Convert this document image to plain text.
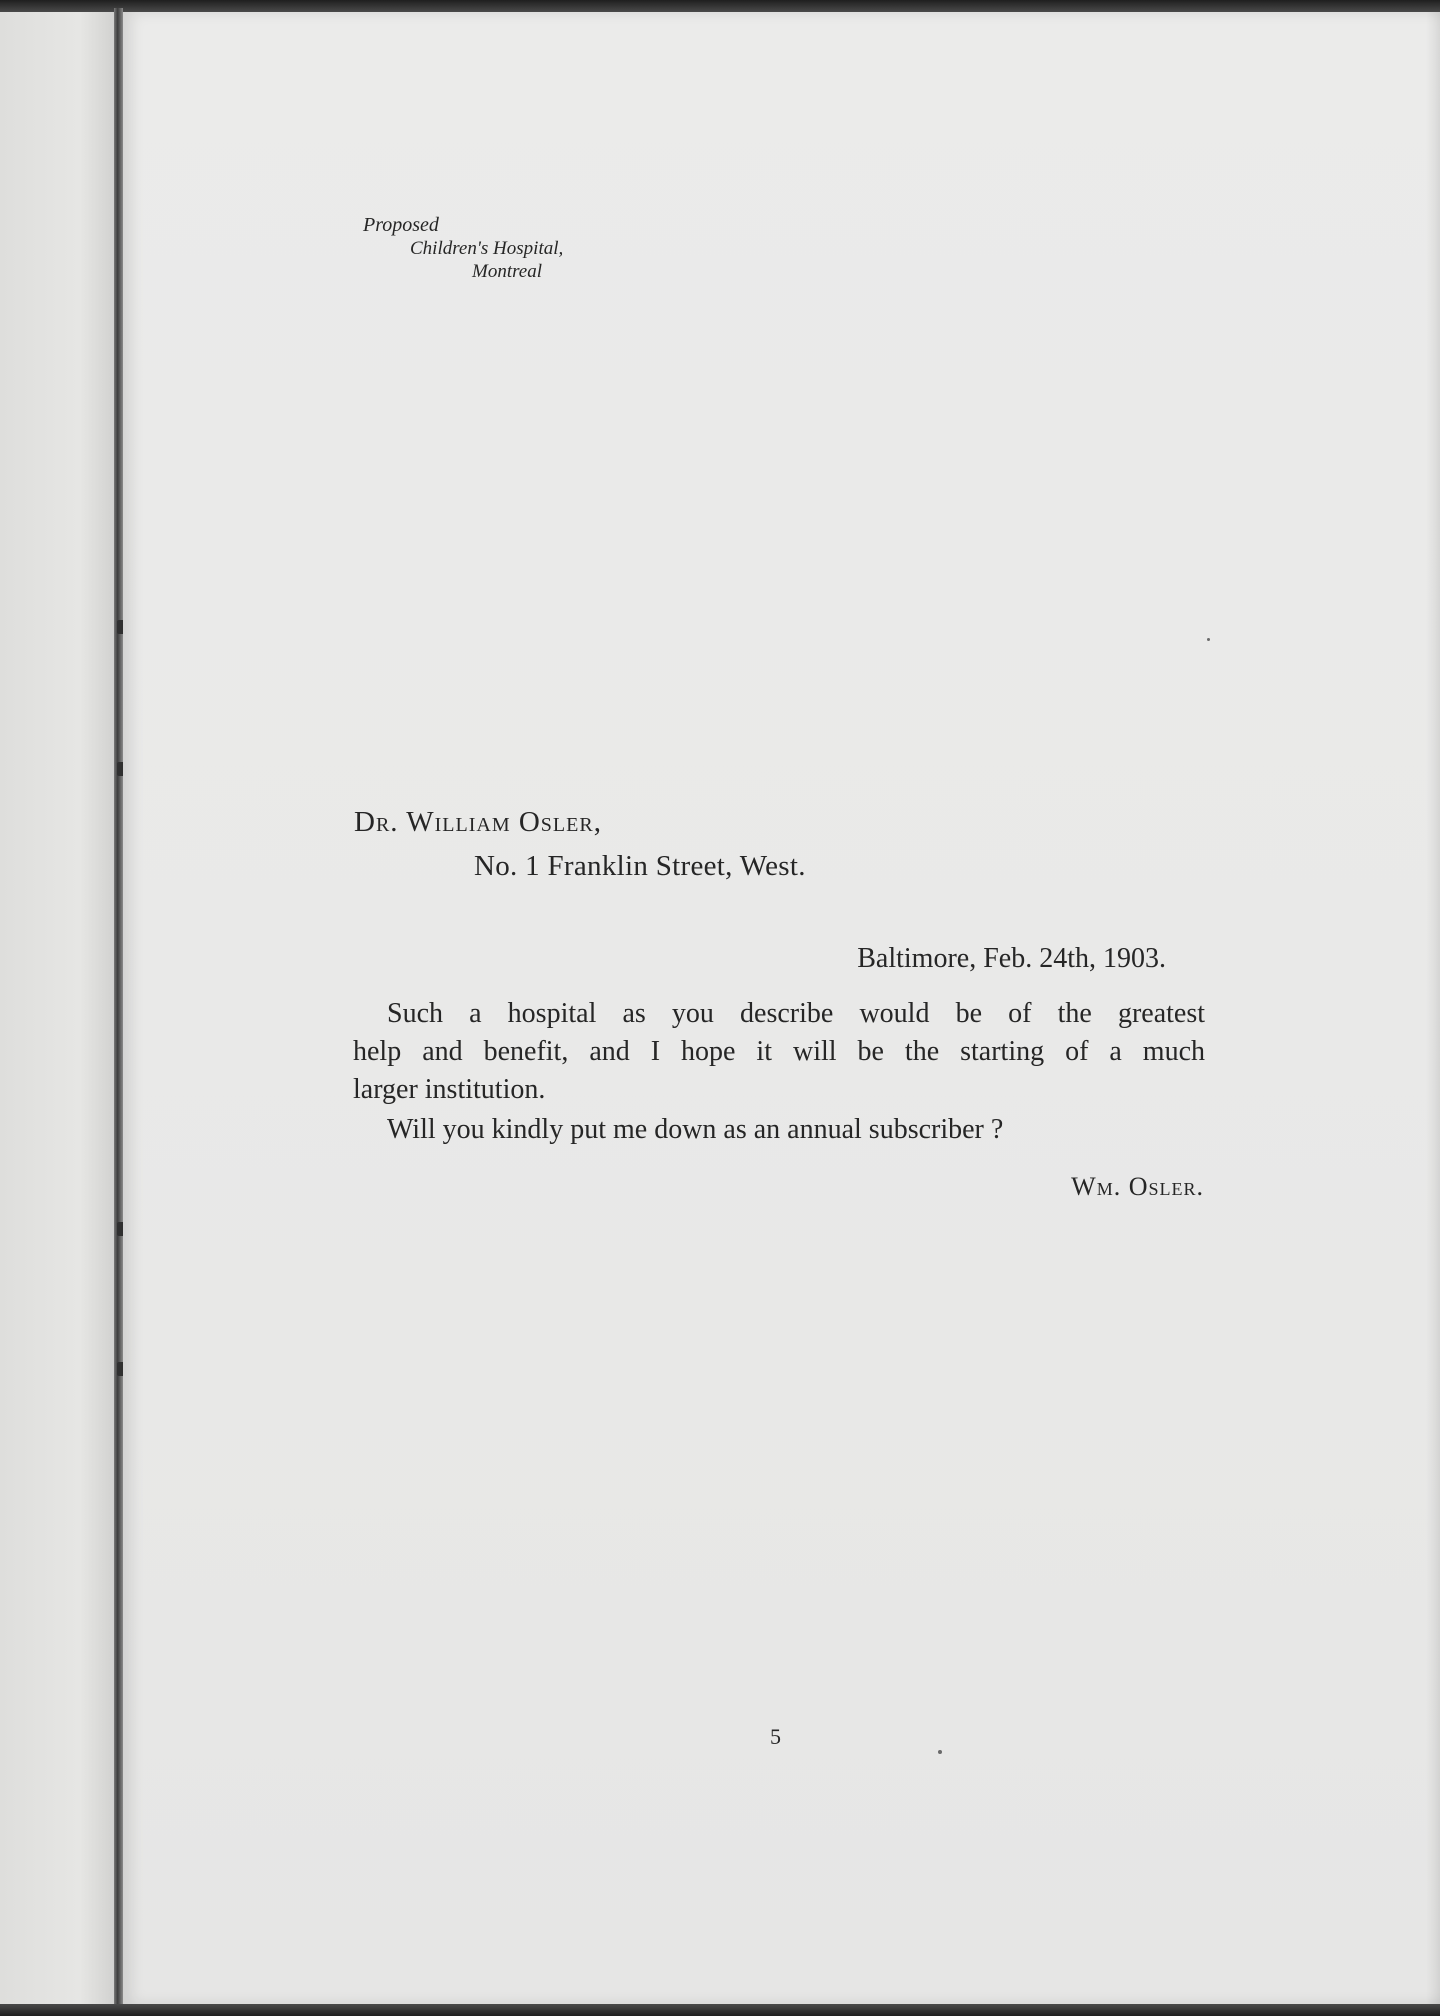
Proposed
Children's Hospital,
Montreal
Dr. William Osler,
No. 1 Franklin Street, West.
Baltimore, Feb. 24th, 1903.

Such a hospital as you describe would be of the greatest
help and benefit, and I hope it will be the starting of a much
larger institution.

Will you kindly put me down as an annual subscriber ?

Wm. Osler.
5
